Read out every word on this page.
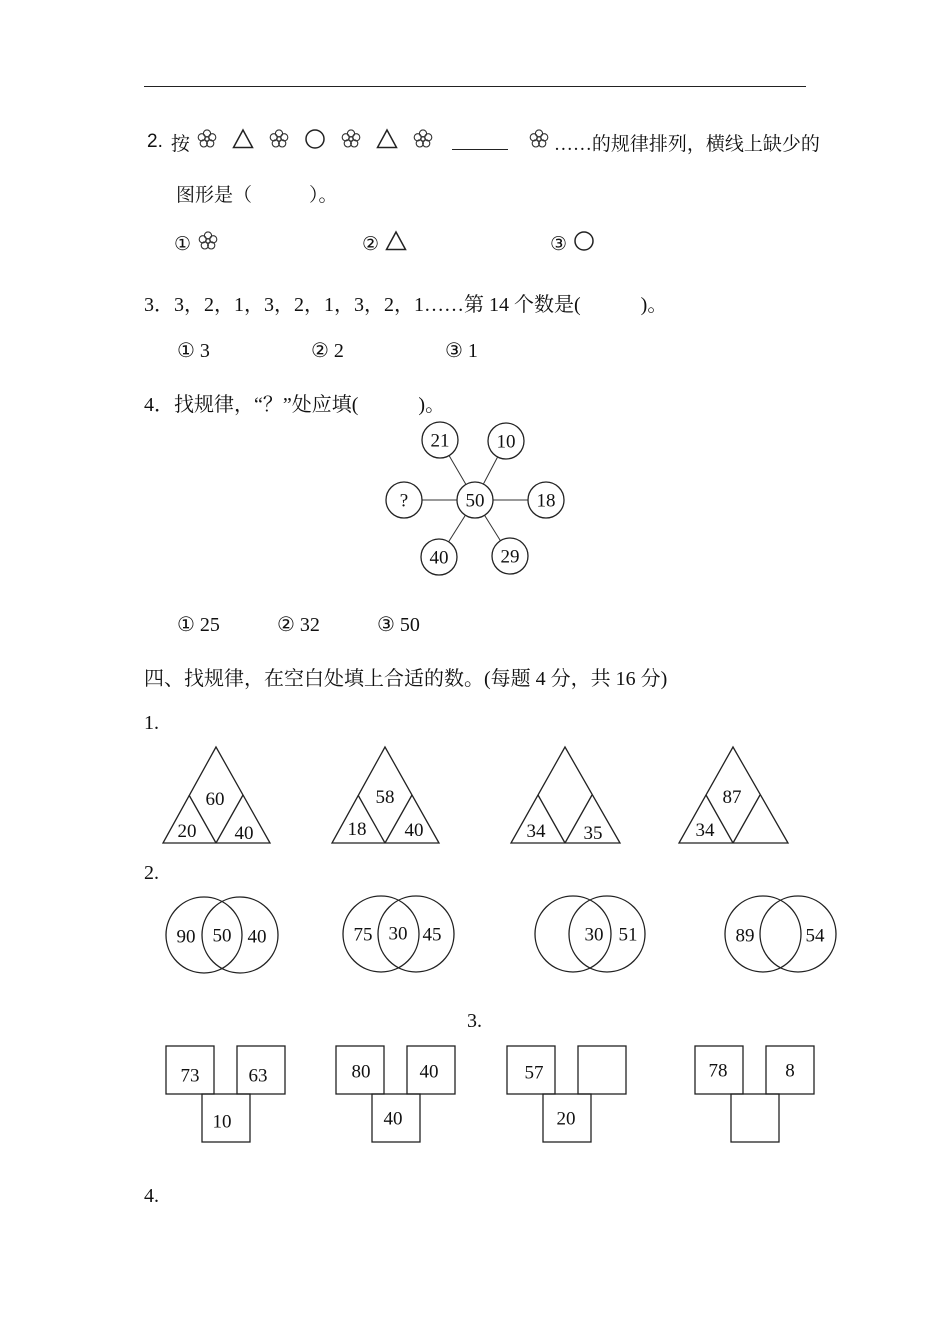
2. 按	……的规律排列，横线上缺少的
图形是（　　　）。
①	②	③
3．3，2，1，3，2，1，3，2，1……第 14 个数是(　　　)。
① 3	② 2	③ 1
4．找规律，“？”处应填(　　　)。
50
21 10
18
29
40
?
① 25	② 32	③ 50
四、找规律，在空白处填上合适的数。(每题 4 分，共 16 分)
1.
60
20 40
58
18 40	34 35
87
34
2.
90 50 40	75 30 45	30 51	89	54
3.
73	63
10
80	40
40
57
20
78	8
4.
